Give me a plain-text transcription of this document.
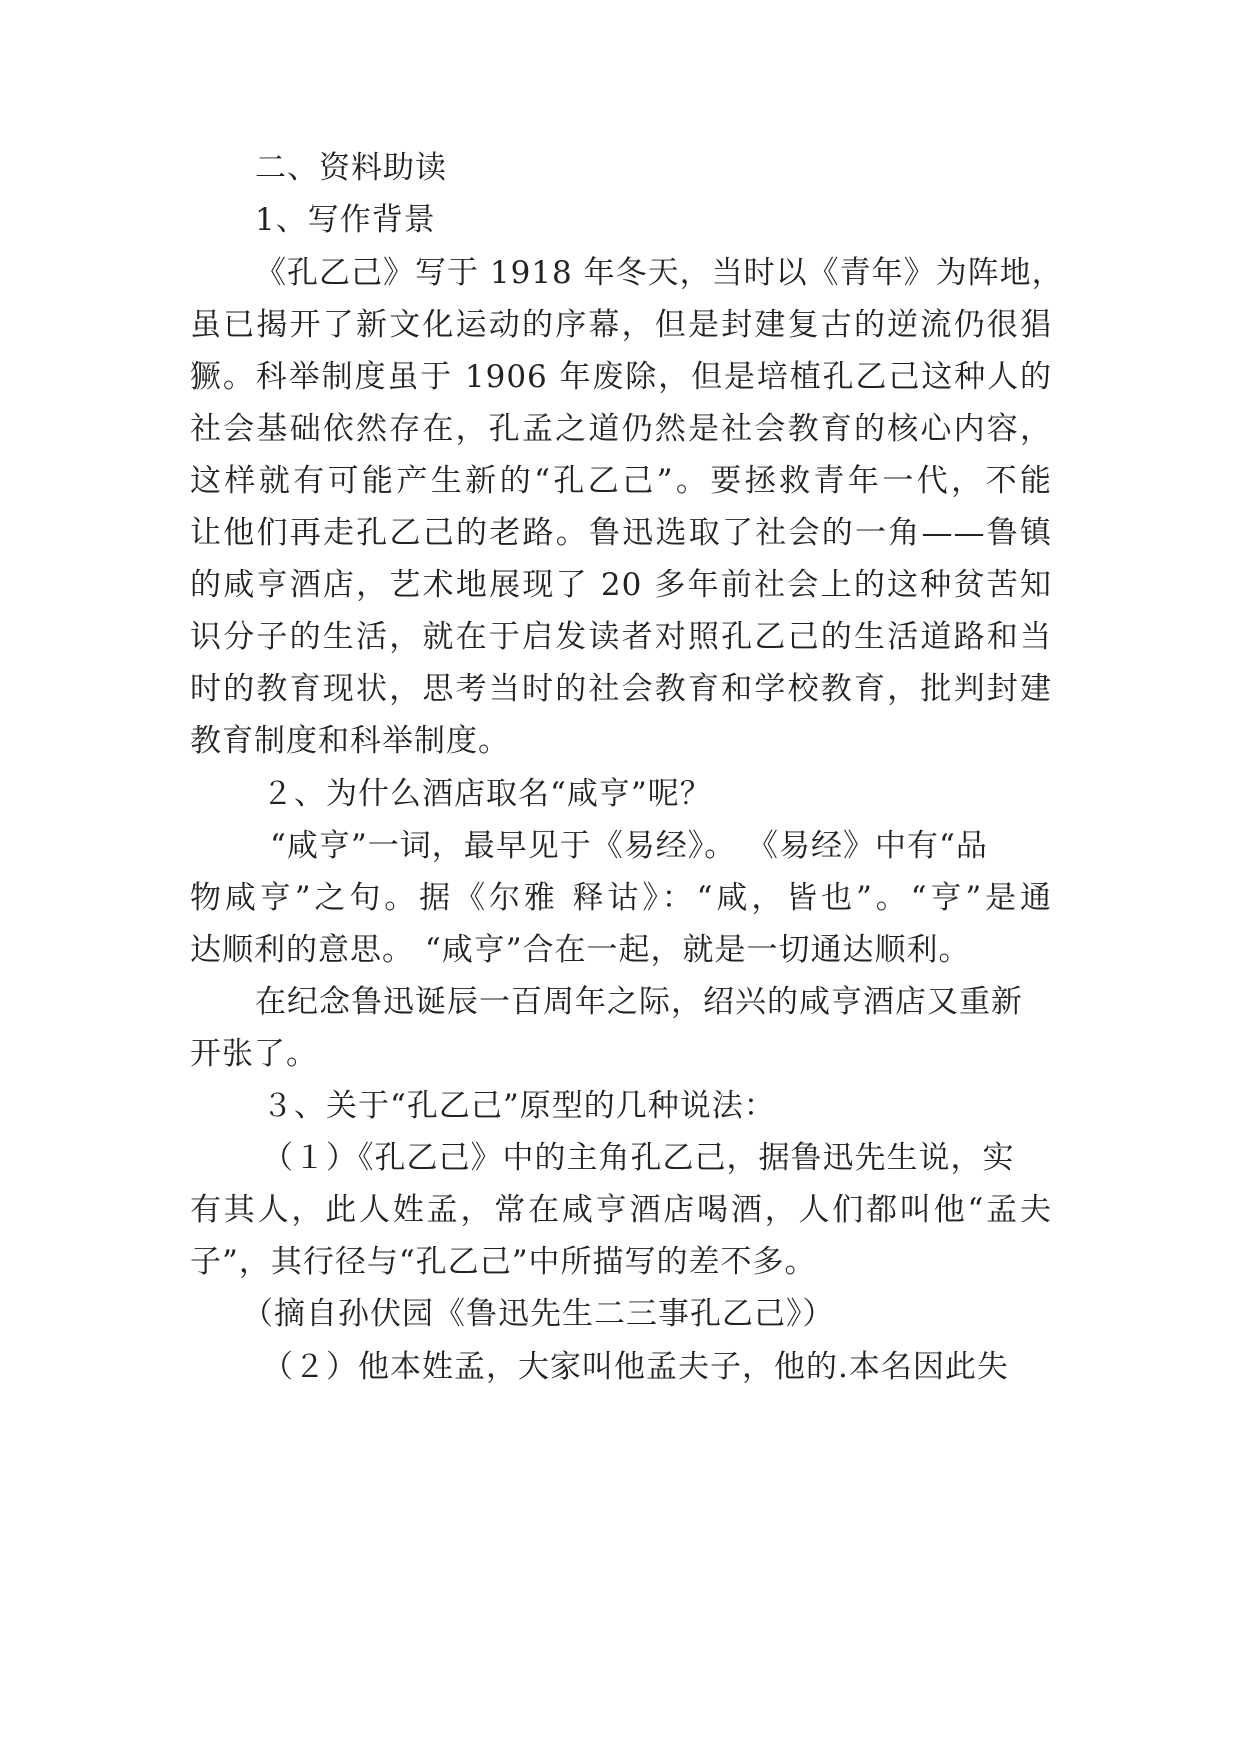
二、资料助读
1、写作背景
《孔乙己》写于 1918 年冬天，当时以《青年》为阵地，
虽已揭开了新文化运动的序幕，但是封建复古的逆流仍很猖
獗。科举制度虽于 1906 年废除，但是培植孔乙己这种人的
社会基础依然存在，孔孟之道仍然是社会教育的核心内容，
这样就有可能产生新的“孔乙己”。要拯救青年一代，不能
让他们再走孔乙己的老路。鲁迅选取了社会的一角——鲁镇
的咸亨酒店，艺术地展现了 20 多年前社会上的这种贫苦知
识分子的生活，就在于启发读者对照孔乙己的生活道路和当
时的教育现状，思考当时的社会教育和学校教育，批判封建
教育制度和科举制度。
２、为什么酒店取名“咸亨”呢？
“咸亨”一词，最早见于《易经》。 《易经》中有“品
物咸亨”之句。据《尔雅 释诂》：“咸，皆也”。“亨”是通
达顺利的意思。 “咸亨”合在一起，就是一切通达顺利。
在纪念鲁迅诞辰一百周年之际，绍兴的咸亨酒店又重新
开张了。
３、关于“孔乙己”原型的几种说法：
（１）《孔乙己》中的主角孔乙己，据鲁迅先生说，实
有其人，此人姓孟，常在咸亨酒店喝酒，人们都叫他“孟夫
子”，其行径与“孔乙己”中所描写的差不多。
（摘自孙伏园《鲁迅先生二三事孔乙己》）
（２）他本姓孟，大家叫他孟夫子，他的.本名因此失
